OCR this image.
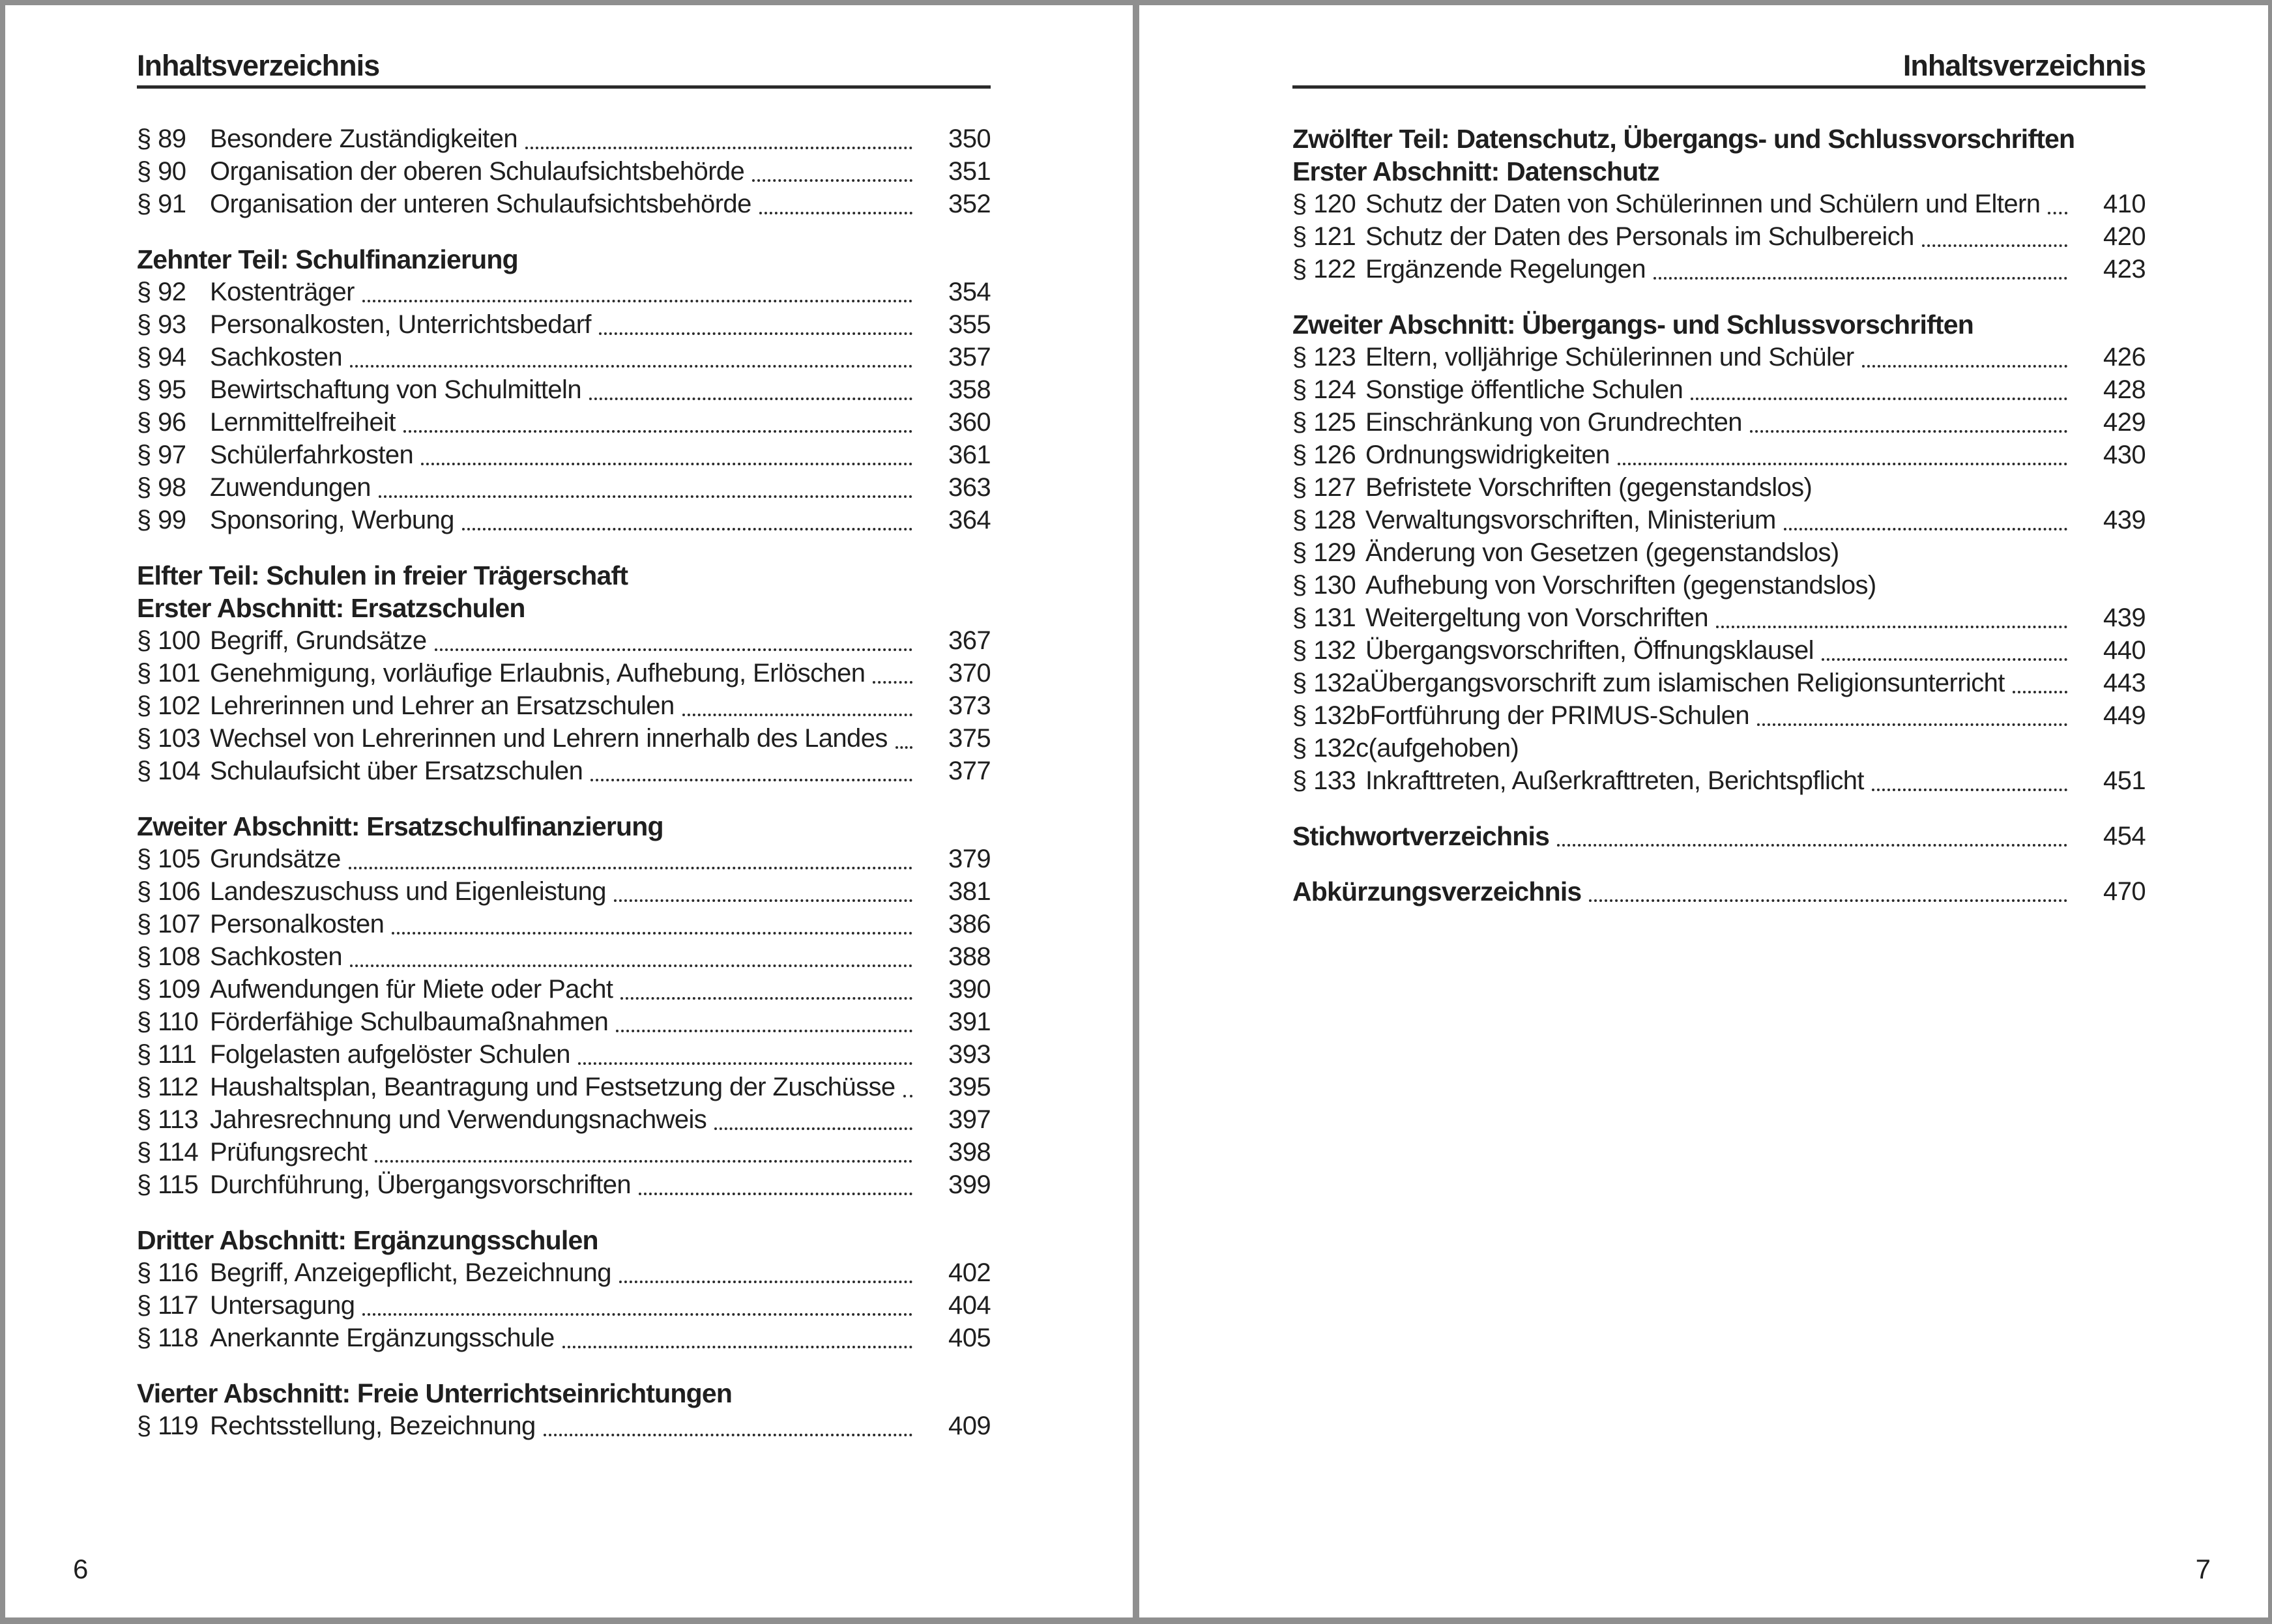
Inhaltsverzeichnis
§ 89 Besondere Zuständigkeiten	350
§ 90 Organisation der oberen Schulaufsichtsbehörde	351
§ 91 Organisation der unteren Schulaufsichtsbehörde	352
Zehnter Teil: Schulfinanzierung
§ 92 Kostenträger	354
§ 93 Personalkosten, Unterrichtsbedarf	355
§ 94 Sachkosten	357
§ 95 Bewirtschaftung von Schulmitteln	358
§ 96 Lernmittelfreiheit	360
§ 97 Schülerfahrkosten	361
§ 98 Zuwendungen	363
§ 99 Sponsoring, Werbung	364
Elfter Teil: Schulen in freier Trägerschaft
Erster Abschnitt: Ersatzschulen
§ 100 Begriff, Grundsätze	367
§ 101 Genehmigung, vorläufige Erlaubnis, Aufhebung, Erlöschen	370
§ 102 Lehrerinnen und Lehrer an Ersatzschulen	373
§ 103 Wechsel von Lehrerinnen und Lehrern innerhalb des Landes 375
§ 104 Schulaufsicht über Ersatzschulen	377
Zweiter Abschnitt: Ersatzschulfinanzierung
§ 105 Grundsätze	379
§ 106 Landeszuschuss und Eigenleistung	381
§ 107 Personalkosten	386
§ 108 Sachkosten	388
§ 109 Aufwendungen für Miete oder Pacht	390
§ 110 Förderfähige Schulbaumaßnahmen	391
§ 111 Folgelasten aufgelöster Schulen	393
§ 112 Haushaltsplan, Beantragung und Festsetzung der Zuschüsse 395
§ 113 Jahresrechnung und Verwendungsnachweis	397
§ 114 Prüfungsrecht	398
§ 115 Durchführung, Übergangsvorschriften	399
Dritter Abschnitt: Ergänzungsschulen
§ 116 Begriff, Anzeigepflicht, Bezeichnung	402
§ 117 Untersagung	404
§ 118 Anerkannte Ergänzungsschule	405
Vierter Abschnitt: Freie Unterrichtseinrichtungen
§ 119 Rechtsstellung, Bezeichnung	409
6
Inhaltsverzeichnis
Zwölfter Teil: Datenschutz, Übergangs- und Schlussvorschriften
Erster Abschnitt: Datenschutz
§ 120 Schutz der Daten von Schülerinnen und Schülern und Eltern 410
§ 121 Schutz der Daten des Personals im Schulbereich	420
§ 122 Ergänzende Regelungen	423
Zweiter Abschnitt: Übergangs- und Schlussvorschriften
§ 123 Eltern, volljährige Schülerinnen und Schüler	426
§ 124 Sonstige öffentliche Schulen	428
§ 125 Einschränkung von Grundrechten	429
§ 126 Ordnungswidrigkeiten	430
§ 127 Befristete Vorschriften (gegenstandslos)
§ 128 Verwaltungsvorschriften, Ministerium	439
§ 129 Änderung von Gesetzen (gegenstandslos)
§ 130 Aufhebung von Vorschriften (gegenstandslos)
§ 131 Weitergeltung von Vorschriften	439
§ 132 Übergangsvorschriften, Öffnungsklausel	440
§ 132a Übergangsvorschrift zum islamischen Religionsunterricht	443
§ 132b Fortführung der PRIMUS-Schulen	449
§ 132c (aufgehoben)
§ 133 Inkrafttreten, Außerkrafttreten, Berichtspflicht	451
Stichwortverzeichnis	454
Abkürzungsverzeichnis	470
7
